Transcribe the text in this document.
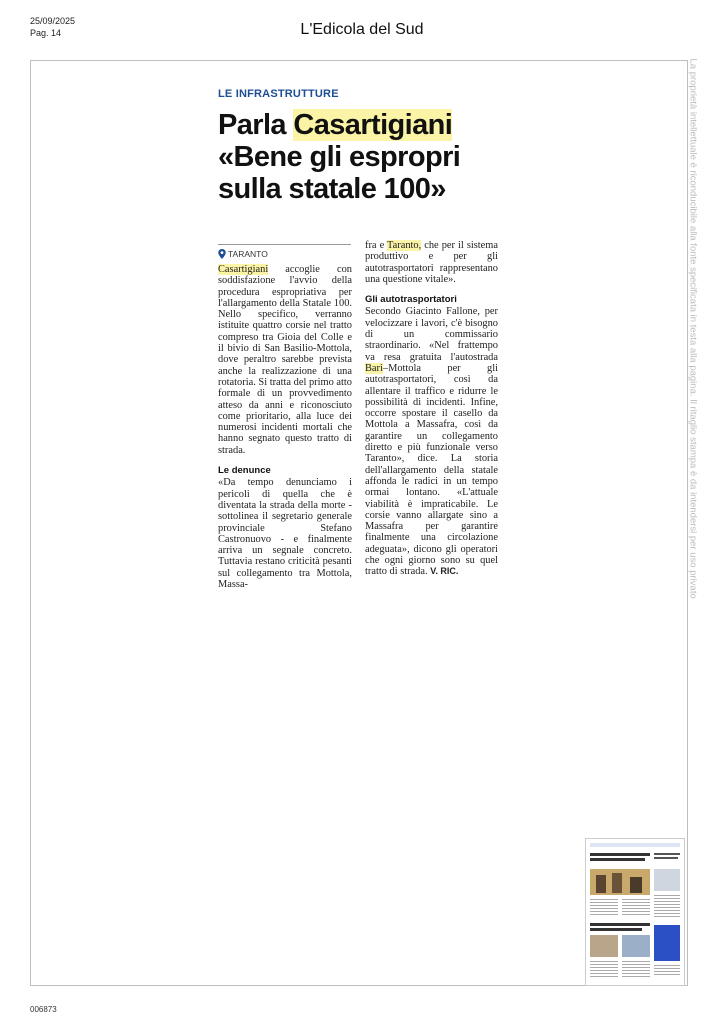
25/09/2025
Pag. 14	L'Edicola del Sud
La proprietà intellettuale è riconducibile alla fonte specificata in testa alla pagina. Il ritaglio stampa è da intendersi per uso privato
LE INFRASTRUTTURE
Parla Casartigiani
«Bene gli espropri sulla statale 100»
TARANTO
Casartigiani accoglie con soddisfazione l'avvio della procedura espropriativa per l'allargamento della Statale 100. Nello specifico, verranno istituite quattro corsie nel tratto compreso tra Gioia del Colle e il bivio di San Basilio-Mottola, dove peraltro sarebbe prevista anche la realizzazione di una rotatoria. Si tratta del primo atto formale di un provvedimento atteso da anni e riconosciuto come prioritario, alla luce dei numerosi incidenti mortali che hanno segnato questo tratto di strada.
Le denunce
«Da tempo denunciamo i pericoli di quella che è diventata la strada della morte - sottolinea il segretario generale provinciale Stefano Castronuovo - e finalmente arriva un segnale concreto. Tuttavia restano criticità pesanti sul collegamento tra Mottola, Massa-
fra e Taranto, che per il sistema produttivo e per gli autotrasportatori rappresentano una questione vitale».
Gli autotrasportatori
Secondo Giacinto Fallone, per velocizzare i lavori, c'è bisogno di un commissario straordinario. «Nel frattempo va resa gratuita l'autostrada Bari–Mottola per gli autotrasportatori, così da allentare il traffico e ridurre le possibilità di incidenti. Infine, occorre spostare il casello da Mottola a Massafra, così da garantire un collegamento diretto e più funzionale verso Taranto», dice. La storia dell'allargamento della statale affonda le radici in un tempo ormai lontano. «L'attuale viabilità è impraticabile. Le corsie vanno allargate sino a Massafra per garantire finalmente una circolazione adeguata», dicono gli operatori che ogni giorno sono su quel tratto di strada. V. RIC.
006873
